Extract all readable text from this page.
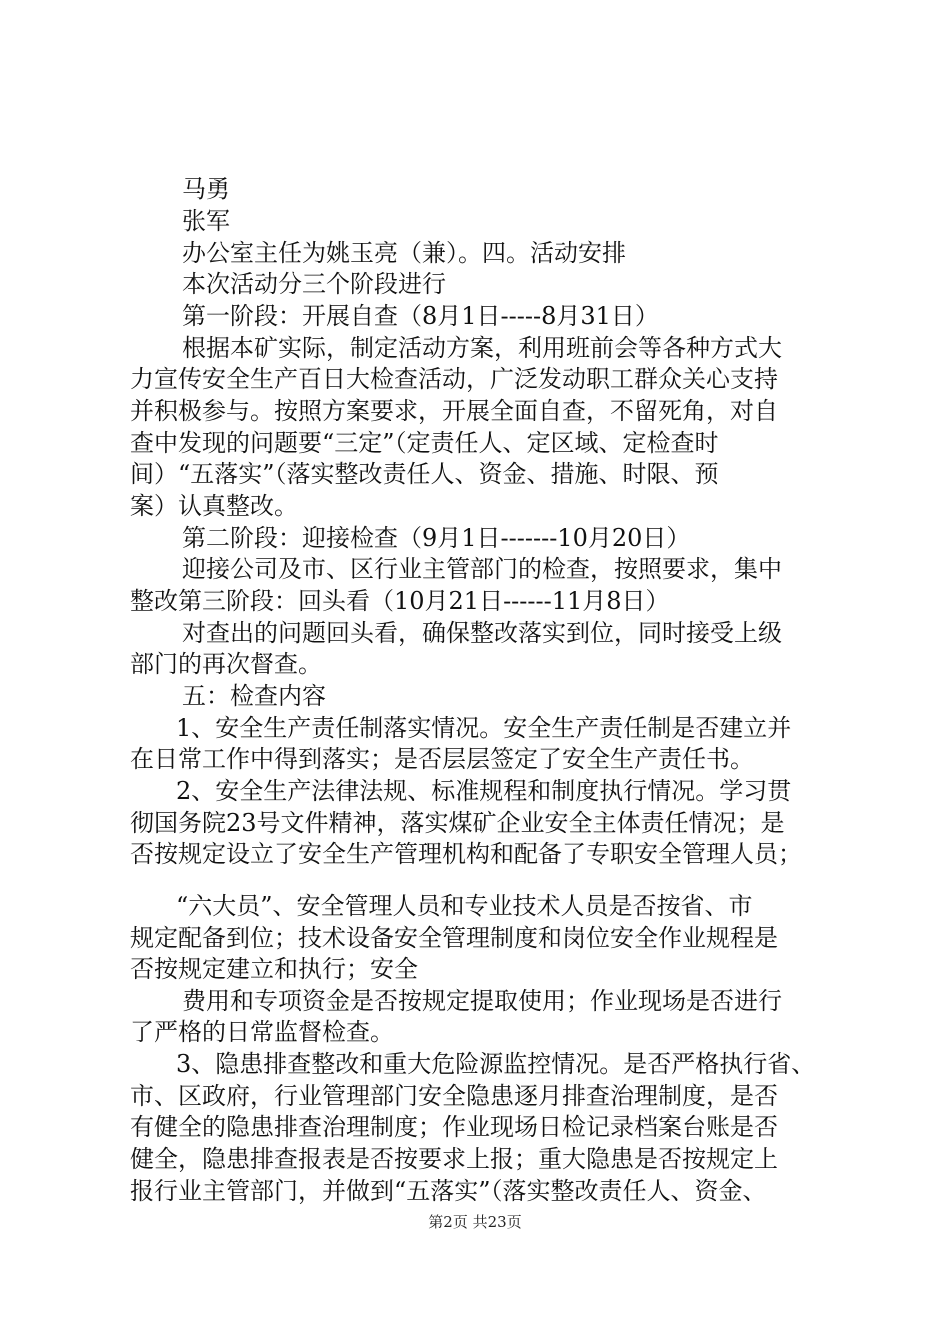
马勇
张军
办公室主任为姚玉亮（兼）。四。活动安排
本次活动分三个阶段进行
第一阶段：开展自查（8月1日-----8月31日）
根据本矿实际，制定活动方案，利用班前会等各种方式大
力宣传安全生产百日大检查活动，广泛发动职工群众关心支持
并积极参与。按照方案要求，开展全面自查，不留死角，对自
查中发现的问题要“三定”（定责任人、定区域、定检查时
间）“五落实”（落实整改责任人、资金、措施、时限、预
案）认真整改。
第二阶段：迎接检查（9月1日-------10月20日）
迎接公司及市、区行业主管部门的检查，按照要求，集中
整改第三阶段：回头看（10月21日------11月8日）
对查出的问题回头看，确保整改落实到位，同时接受上级
部门的再次督查。
五：检查内容
1、安全生产责任制落实情况。安全生产责任制是否建立并
在日常工作中得到落实；是否层层签定了安全生产责任书。
2、安全生产法律法规、标准规程和制度执行情况。学习贯
彻国务院23号文件精神，落实煤矿企业安全主体责任情况；是
否按规定设立了安全生产管理机构和配备了专职安全管理人员；
“六大员”、安全管理人员和专业技术人员是否按省、市
规定配备到位；技术设备安全管理制度和岗位安全作业规程是
否按规定建立和执行；安全
费用和专项资金是否按规定提取使用；作业现场是否进行
了严格的日常监督检查。
3、隐患排查整改和重大危险源监控情况。是否严格执行省、
市、区政府，行业管理部门安全隐患逐月排查治理制度，是否
有健全的隐患排查治理制度；作业现场日检记录档案台账是否
健全，隐患排查报表是否按要求上报；重大隐患是否按规定上
报行业主管部门，并做到“五落实”（落实整改责任人、资金、
第2页 共23页
